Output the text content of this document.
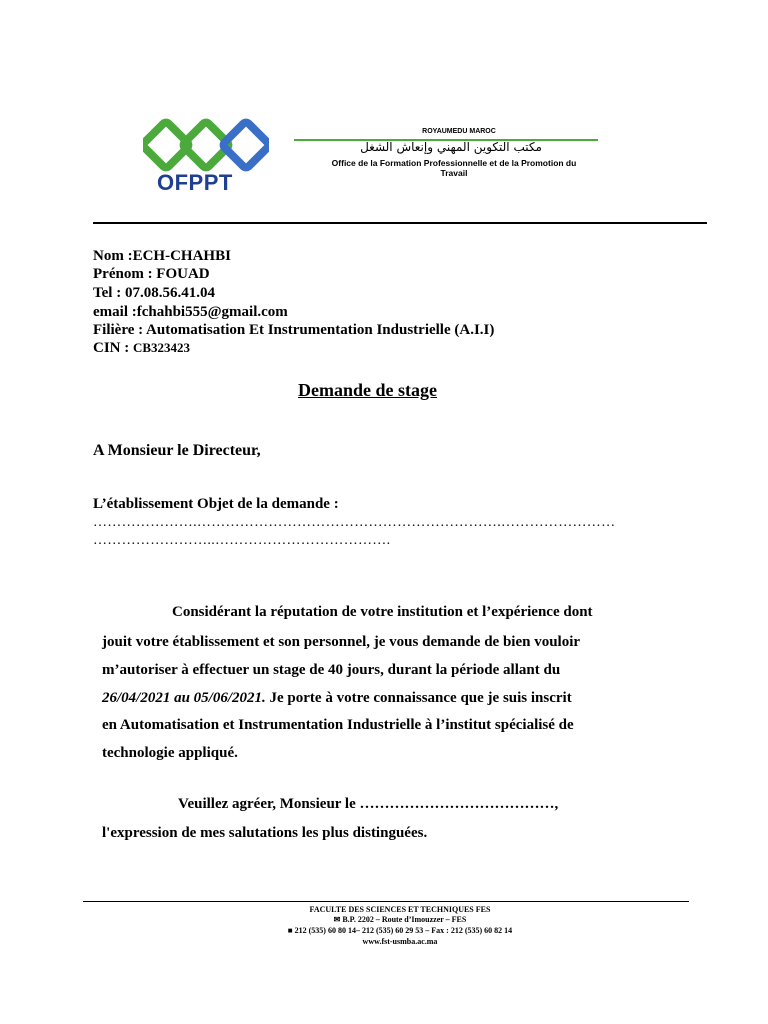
OFPPT
ROYAUMEDU MAROC
مكتب التكوين المهني وإنعاش الشغل
Office de la Formation Professionnelle et de la Promotion du
Travail
Nom :ECH-CHAHBI
Prénom : FOUAD
Tel : 07.08.56.41.04
email :fchahbi555@gmail.com
Filière : Automatisation Et Instrumentation Industrielle (A.I.I)
CIN : CB323423
Demande de stage
A Monsieur le Directeur,
L’établissement Objet de la demande :
………………….……………………………………………………….……………………
……………………..……………………………….
Considérant la réputation de votre institution et l’expérience dont
jouit votre établissement et son personnel, je vous demande de bien vouloir
m’autoriser à effectuer un stage de 40 jours, durant la période allant du
26/04/2021 au 05/06/2021. Je porte à votre connaissance que je suis inscrit
en Automatisation et Instrumentation Industrielle à l’institut spécialisé de
technologie appliqué.
Veuillez agréer, Monsieur le …………………………………,
l'expression de mes salutations les plus distinguées.
FACULTE DES SCIENCES ET TECHNIQUES FES
✉ B.P. 2202 – Route d’Imouzzer – FES
■ 212 (535) 60 80 14– 212 (535) 60 29 53 – Fax : 212 (535) 60 82 14
www.fst-usmba.ac.ma
